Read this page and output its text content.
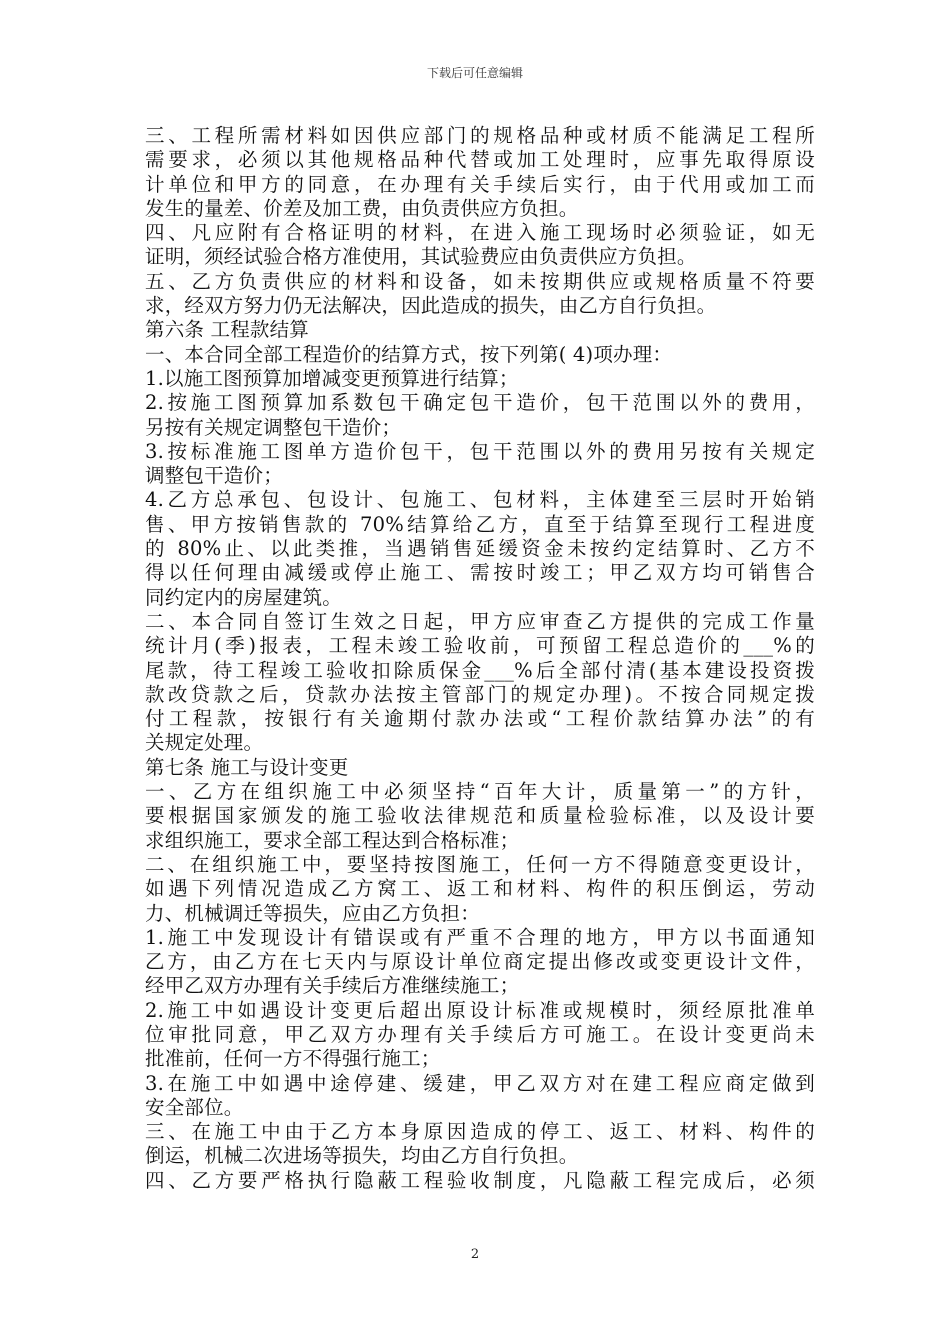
下载后可任意编辑
三、工程所需材料如因供应部门的规格品种或材质不能满足工程所
需要求，必须以其他规格品种代替或加工处理时，应事先取得原设
计单位和甲方的同意，在办理有关手续后实行，由于代用或加工而
发生的量差、价差及加工费，由负责供应方负担。
四、凡应附有合格证明的材料，在进入施工现场时必须验证，如无
证明，须经试验合格方准使用，其试验费应由负责供应方负担。
五、乙方负责供应的材料和设备，如未按期供应或规格质量不符要
求，经双方努力仍无法解决，因此造成的损失，由乙方自行负担。
第六条 工程款结算
一、本合同全部工程造价的结算方式，按下列第( 4)项办理：
1.以施工图预算加增减变更预算进行结算；
2.按施工图预算加系数包干确定包干造价，包干范围以外的费用，
另按有关规定调整包干造价；
3.按标准施工图单方造价包干，包干范围以外的费用另按有关规定
调整包干造价；
4.乙方总承包、包设计、包施工、包材料，主体建至三层时开始销
售、甲方按销售款的 70%结算给乙方，直至于结算至现行工程进度
的 80%止、以此类推，当遇销售延缓资金未按约定结算时、乙方不
得以任何理由减缓或停止施工、需按时竣工；甲乙双方均可销售合
同约定内的房屋建筑。
二、本合同自签订生效之日起，甲方应审查乙方提供的完成工作量
统计月(季)报表，工程未竣工验收前，可预留工程总造价的___%的
尾款，待工程竣工验收扣除质保金___%后全部付清(基本建设投资拨
款改贷款之后，贷款办法按主管部门的规定办理)。不按合同规定拨
付工程款，按银行有关逾期付款办法或“工程价款结算办法”的有
关规定处理。
第七条 施工与设计变更
一、乙方在组织施工中必须坚持“百年大计，质量第一”的方针，
要根据国家颁发的施工验收法律规范和质量检验标准，以及设计要
求组织施工，要求全部工程达到合格标准；
二、在组织施工中，要坚持按图施工，任何一方不得随意变更设计，
如遇下列情况造成乙方窝工、返工和材料、构件的积压倒运，劳动
力、机械调迁等损失，应由乙方负担：
1.施工中发现设计有错误或有严重不合理的地方，甲方以书面通知
乙方，由乙方在七天内与原设计单位商定提出修改或变更设计文件，
经甲乙双方办理有关手续后方准继续施工；
2.施工中如遇设计变更后超出原设计标准或规模时，须经原批准单
位审批同意，甲乙双方办理有关手续后方可施工。在设计变更尚未
批准前，任何一方不得强行施工；
3.在施工中如遇中途停建、缓建，甲乙双方对在建工程应商定做到
安全部位。
三、在施工中由于乙方本身原因造成的停工、返工、材料、构件的
倒运，机械二次进场等损失，均由乙方自行负担。
四、乙方要严格执行隐蔽工程验收制度，凡隐蔽工程完成后，必须
2
